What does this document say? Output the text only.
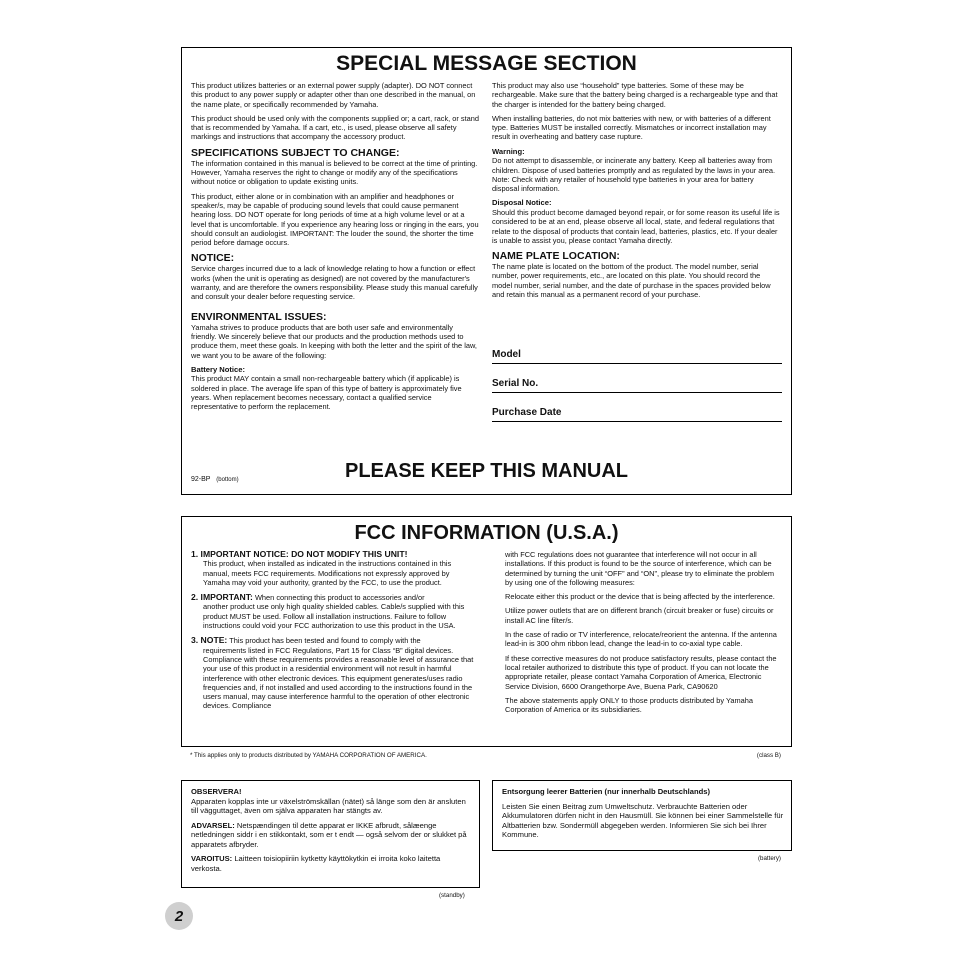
SPECIAL MESSAGE SECTION

This product utilizes batteries or an external power supply (adapter). DO NOT connect this product to any power supply or adapter other than one described in the manual, on the name plate, or specifically recommended by Yamaha.

This product should be used only with the components supplied or; a cart, rack, or stand that is recommended by Yamaha. If a cart, etc., is used, please observe all safety markings and instructions that accompany the accessory product.

SPECIFICATIONS SUBJECT TO CHANGE:

The information contained in this manual is believed to be correct at the time of printing. However, Yamaha reserves the right to change or modify any of the specifications without notice or obligation to update existing units.

This product, either alone or in combination with an amplifier and headphones or speaker/s, may be capable of producing sound levels that could cause permanent hearing loss. DO NOT operate for long periods of time at a high volume level or at a level that is uncomfortable. If you experience any hearing loss or ringing in the ears, you should consult an audiologist. IMPORTANT: The louder the sound, the shorter the time period before damage occurs.

NOTICE:

Service charges incurred due to a lack of knowledge relating to how a function or effect works (when the unit is operating as designed) are not covered by the manufacturer's warranty, and are therefore the owners responsibility. Please study this manual carefully and consult your dealer before requesting service.

ENVIRONMENTAL ISSUES:

Yamaha strives to produce products that are both user safe and environmentally friendly. We sincerely believe that our products and the production methods used to produce them, meet these goals. In keeping with both the letter and the spirit of the law, we want you to be aware of the following:

Battery Notice:

This product MAY contain a small non-rechargeable battery which (if applicable) is soldered in place. The average life span of this type of battery is approximately five years. When replacement becomes necessary, contact a qualified service representative to perform the replacement.

This product may also use “household” type batteries. Some of these may be rechargeable. Make sure that the battery being charged is a rechargeable type and that the charger is intended for the battery being charged.

When installing batteries, do not mix batteries with new, or with batteries of a different type. Batteries MUST be installed correctly. Mismatches or incorrect installation may result in overheating and battery case rupture.

Warning:

Do not attempt to disassemble, or incinerate any battery. Keep all batteries away from children. Dispose of used batteries promptly and as regulated by the laws in your area. Note: Check with any retailer of household type batteries in your area for battery disposal information.

Disposal Notice:

Should this product become damaged beyond repair, or for some reason its useful life is considered to be at an end, please observe all local, state, and federal regulations that relate to the disposal of products that contain lead, batteries, plastics, etc. If your dealer is unable to assist you, please contact Yamaha directly.

NAME PLATE LOCATION:

The name plate is located on the bottom of the product. The model number, serial number, power requirements, etc., are located on this plate. You should record the model number, serial number, and the date of purchase in the spaces provided below and retain this manual as a permanent record of your purchase.

Model
Serial No.
Purchase Date
PLEASE KEEP THIS MANUAL
92-BP (bottom)
FCC INFORMATION (U.S.A.)
1. IMPORTANT NOTICE: DO NOT MODIFY THIS UNIT!
This product, when installed as indicated in the instructions contained in this manual, meets FCC requirements. Modifications not expressly approved by Yamaha may void your authority, granted by the FCC, to use the product.
2. IMPORTANT: When connecting this product to accessories and/or
another product use only high quality shielded cables. Cable/s supplied with this product MUST be used. Follow all installation instructions. Failure to follow instructions could void your FCC authorization to use this product in the USA.
3. NOTE: This product has been tested and found to comply with the
requirements listed in FCC Regulations, Part 15 for Class “B” digital devices. Compliance with these requirements provides a reasonable level of assurance that your use of this product in a residential environment will not result in harmful interference with other electronic devices. This equipment generates/uses radio frequencies and, if not installed and used according to the instructions found in the users manual, may cause interference harmful to the operation of other electronic devices. Compliance

with FCC regulations does not guarantee that interference will not occur in all installations. If this product is found to be the source of interference, which can be determined by turning the unit “OFF” and “ON”, please try to eliminate the problem by using one of the following measures:

Relocate either this product or the device that is being affected by the interference.

Utilize power outlets that are on different branch (circuit breaker or fuse) circuits or install AC line filter/s.

In the case of radio or TV interference, relocate/reorient the antenna. If the antenna lead-in is 300 ohm ribbon lead, change the lead-in to co-axial type cable.

If these corrective measures do not produce satisfactory results, please contact the local retailer authorized to distribute this type of product. If you can not locate the appropriate retailer, please contact Yamaha Corporation of America, Electronic Service Division, 6600 Orangethorpe Ave, Buena Park, CA90620

The above statements apply ONLY to those products distributed by Yamaha Corporation of America or its subsidiaries.

* This applies only to products distributed by YAMAHA CORPORATION OF AMERICA.	(class B)
OBSERVERA!

Apparaten kopplas inte ur växelströmskällan (nätet) så länge som den är ansluten till vägguttaget, även om själva apparaten har stängts av.

ADVARSEL: Netspændingen til dette apparat er IKKE afbrudt, sålæenge netledningen siddr i en stikkontakt, som er t endt — også selvom der or slukket på apparatets afbryder.

VAROITUS: Laitteen toisiopiiriin kytketty käyttökytkin ei irroita koko laitetta verkosta.

(standby)
Entsorgung leerer Batterien (nur innerhalb Deutschlands)

Leisten Sie einen Beitrag zum Umweltschutz. Verbrauchte Batterien oder Akkumulatoren dürfen nicht in den Hausmüll. Sie können bei einer Sammelstelle für Altbatterien bzw. Sondermüll abgegeben werden. Informieren Sie sich bei Ihrer Kommune.

(battery)
2
